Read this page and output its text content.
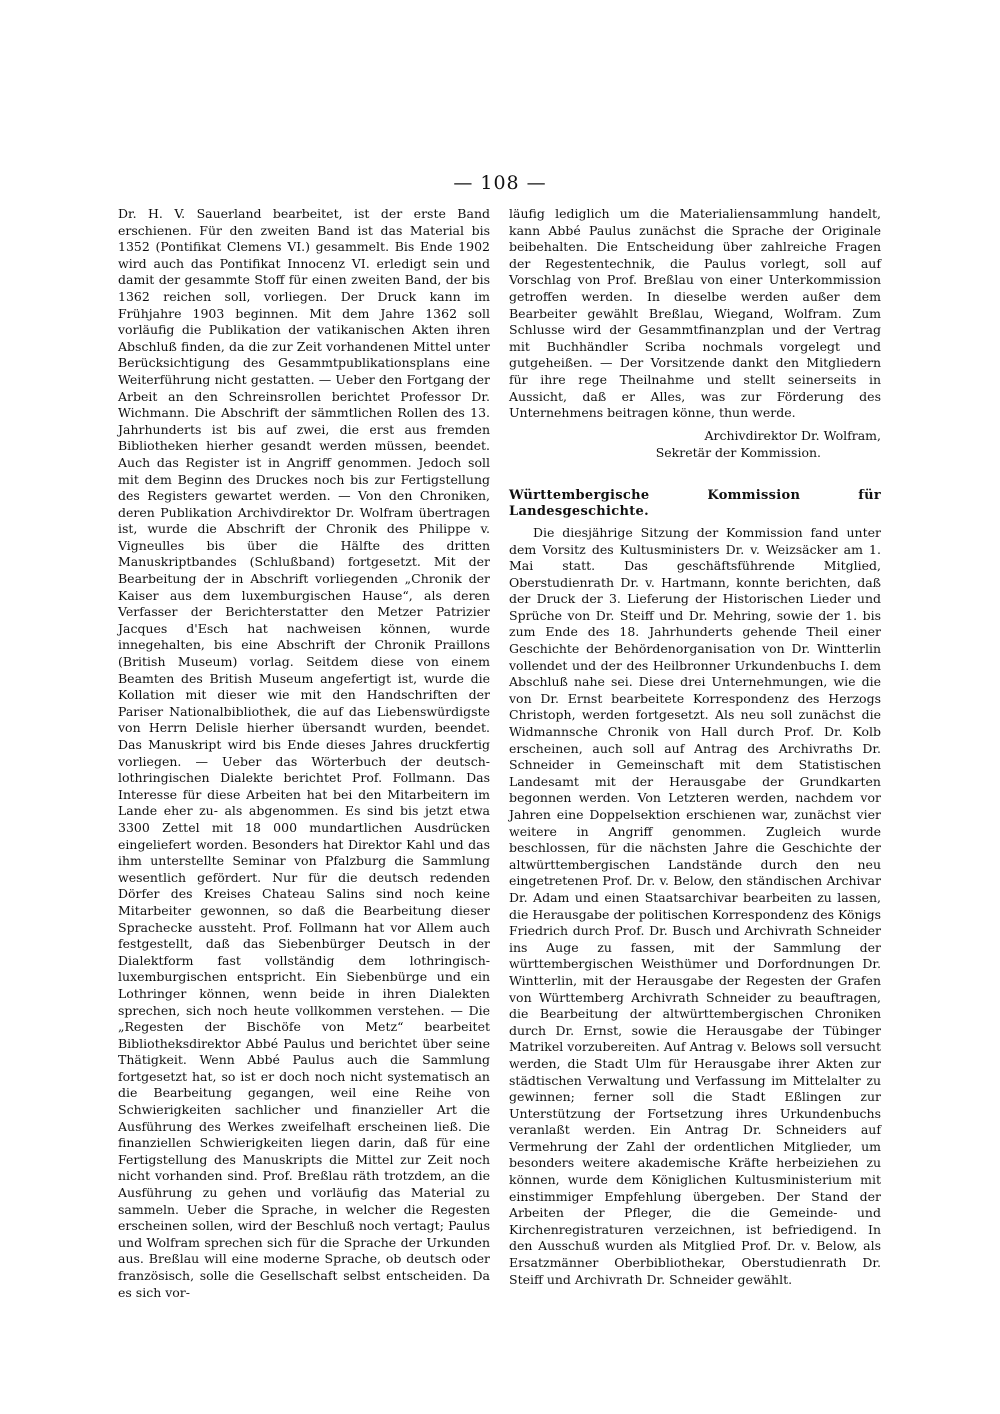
— 108 —

Dr. H. V. Sauerland bearbeitet, ist der erste Band erschienen. Für den zweiten Band ist das Material bis 1352 (Pontifikat Clemens VI.) gesammelt. Bis Ende 1902 wird auch das Pontifikat Innocenz VI. erledigt sein und damit der gesammte Stoff für einen zweiten Band, der bis 1362 reichen soll, vorliegen. Der Druck kann im Frühjahre 1903 beginnen. Mit dem Jahre 1362 soll vorläufig die Publikation der vatikanischen Akten ihren Abschluß finden, da die zur Zeit vorhandenen Mittel unter Berücksichtigung des Gesammtpublikationsplans eine Weiterführung nicht gestatten. — Ueber den Fortgang der Arbeit an den Schreinsrollen berichtet Professor Dr. Wichmann. Die Abschrift der sämmtlichen Rollen des 13. Jahrhunderts ist bis auf zwei, die erst aus fremden Bibliotheken hierher gesandt werden müssen, beendet. Auch das Register ist in Angriff genommen. Jedoch soll mit dem Beginn des Druckes noch bis zur Fertigstellung des Registers gewartet werden. — Von den Chroniken, deren Publikation Archivdirektor Dr. Wolfram übertragen ist, wurde die Abschrift der Chronik des Philippe v. Vigneulles bis über die Hälfte des dritten Manuskriptbandes (Schlußband) fortgesetzt. Mit der Bearbeitung der in Abschrift vorliegenden „Chronik der Kaiser aus dem luxemburgischen Hause“, als deren Verfasser der Berichterstatter den Metzer Patrizier Jacques d'Esch hat nachweisen können, wurde innegehalten, bis eine Abschrift der Chronik Praillons (British Museum) vorlag. Seitdem diese von einem Beamten des British Museum angefertigt ist, wurde die Kollation mit dieser wie mit den Handschriften der Pariser Nationalbibliothek, die auf das Liebenswürdigste von Herrn Delisle hierher übersandt wurden, beendet. Das Manuskript wird bis Ende dieses Jahres druckfertig vorliegen. — Ueber das Wörterbuch der deutsch-lothringischen Dialekte berichtet Prof. Follmann. Das Interesse für diese Arbeiten hat bei den Mitarbeitern im Lande eher zu- als abgenommen. Es sind bis jetzt etwa 3300 Zettel mit 18 000 mundartlichen Ausdrücken eingeliefert worden. Besonders hat Direktor Kahl und das ihm unterstellte Seminar von Pfalzburg die Sammlung wesentlich gefördert. Nur für die deutsch redenden Dörfer des Kreises Chateau Salins sind noch keine Mitarbeiter gewonnen, so daß die Bearbeitung dieser Sprachecke aussteht. Prof. Follmann hat vor Allem auch festgestellt, daß das Siebenbürger Deutsch in der Dialektform fast vollständig dem lothringisch-luxemburgischen entspricht. Ein Siebenbürge und ein Lothringer können, wenn beide in ihren Dialekten sprechen, sich noch heute vollkommen verstehen. — Die „Regesten der Bischöfe von Metz“ bearbeitet Bibliotheksdirektor Abbé Paulus und berichtet über seine Thätigkeit. Wenn Abbé Paulus auch die Sammlung fortgesetzt hat, so ist er doch noch nicht systematisch an die Bearbeitung gegangen, weil eine Reihe von Schwierigkeiten sachlicher und finanzieller Art die Ausführung des Werkes zweifelhaft erscheinen ließ. Die finanziellen Schwierigkeiten liegen darin, daß für eine Fertigstellung des Manuskripts die Mittel zur Zeit noch nicht vorhanden sind. Prof. Breßlau räth trotzdem, an die Ausführung zu gehen und vorläufig das Material zu sammeln. Ueber die Sprache, in welcher die Regesten erscheinen sollen, wird der Beschluß noch vertagt; Paulus und Wolfram sprechen sich für die Sprache der Urkunden aus. Breßlau will eine moderne Sprache, ob deutsch oder französisch, solle die Gesellschaft selbst entscheiden. Da es sich vor-

läufig lediglich um die Materialiensammlung handelt, kann Abbé Paulus zunächst die Sprache der Originale beibehalten. Die Entscheidung über zahlreiche Fragen der Regestentechnik, die Paulus vorlegt, soll auf Vorschlag von Prof. Breßlau von einer Unterkommission getroffen werden. In dieselbe werden außer dem Bearbeiter gewählt Breßlau, Wiegand, Wolfram. Zum Schlusse wird der Gesammtfinanzplan und der Vertrag mit Buchhändler Scriba nochmals vorgelegt und gutgeheißen. — Der Vorsitzende dankt den Mitgliedern für ihre rege Theilnahme und stellt seinerseits in Aussicht, daß er Alles, was zur Förderung des Unternehmens beitragen könne, thun werde.

Archivdirektor Dr. Wolfram,
Sekretär der Kommission.
Württembergische Kommission für Landesgeschichte.

Die diesjährige Sitzung der Kommission fand unter dem Vorsitz des Kultusministers Dr. v. Weizsäcker am 1. Mai statt. Das geschäftsführende Mitglied, Oberstudienrath Dr. v. Hartmann, konnte berichten, daß der Druck der 3. Lieferung der Historischen Lieder und Sprüche von Dr. Steiff und Dr. Mehring, sowie der 1. bis zum Ende des 18. Jahrhunderts gehende Theil einer Geschichte der Behördenorganisation von Dr. Wintterlin vollendet und der des Heilbronner Urkundenbuchs I. dem Abschluß nahe sei. Diese drei Unternehmungen, wie die von Dr. Ernst bearbeitete Korrespondenz des Herzogs Christoph, werden fortgesetzt. Als neu soll zunächst die Widmannsche Chronik von Hall durch Prof. Dr. Kolb erscheinen, auch soll auf Antrag des Archivraths Dr. Schneider in Gemeinschaft mit dem Statistischen Landesamt mit der Herausgabe der Grundkarten begonnen werden. Von Letzteren werden, nachdem vor Jahren eine Doppelsektion erschienen war, zunächst vier weitere in Angriff genommen. Zugleich wurde beschlossen, für die nächsten Jahre die Geschichte der altwürttembergischen Landstände durch den neu eingetretenen Prof. Dr. v. Below, den ständischen Archivar Dr. Adam und einen Staatsarchivar bearbeiten zu lassen, die Herausgabe der politischen Korrespondenz des Königs Friedrich durch Prof. Dr. Busch und Archivrath Schneider ins Auge zu fassen, mit der Sammlung der württembergischen Weisthümer und Dorfordnungen Dr. Wintterlin, mit der Herausgabe der Regesten der Grafen von Württemberg Archivrath Schneider zu beauftragen, die Bearbeitung der altwürttembergischen Chroniken durch Dr. Ernst, sowie die Herausgabe der Tübinger Matrikel vorzubereiten. Auf Antrag v. Belows soll versucht werden, die Stadt Ulm für Herausgabe ihrer Akten zur städtischen Verwaltung und Verfassung im Mittelalter zu gewinnen; ferner soll die Stadt Eßlingen zur Unterstützung der Fortsetzung ihres Urkundenbuchs veranlaßt werden. Ein Antrag Dr. Schneiders auf Vermehrung der Zahl der ordentlichen Mitglieder, um besonders weitere akademische Kräfte herbeiziehen zu können, wurde dem Königlichen Kultusministerium mit einstimmiger Empfehlung übergeben. Der Stand der Arbeiten der Pfleger, die die Gemeinde- und Kirchenregistraturen verzeichnen, ist befriedigend. In den Ausschuß wurden als Mitglied Prof. Dr. v. Below, als Ersatzmänner Oberbibliothekar, Oberstudienrath Dr. Steiff und Archivrath Dr. Schneider gewählt.
